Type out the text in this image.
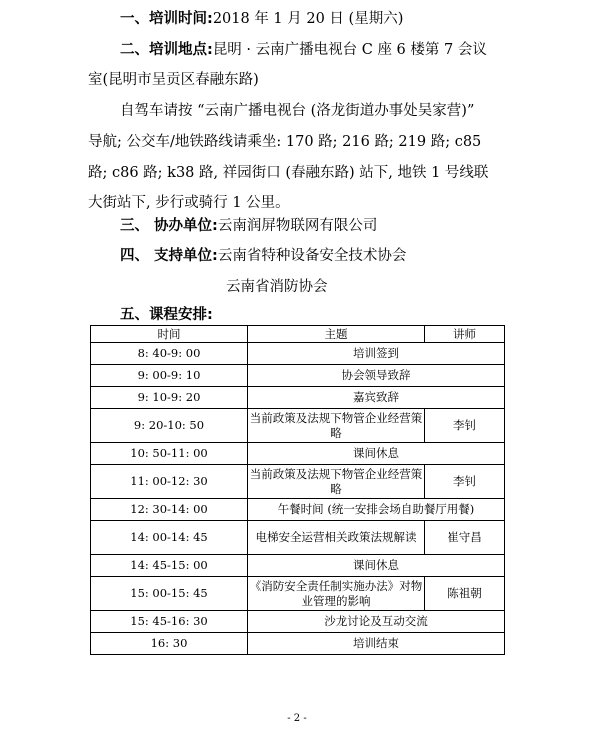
一、培训时间:2018 年 1 月 20 日 (星期六)
二、培训地点:昆明 · 云南广播电视台 C 座 6 楼第 7 会议
室(昆明市呈贡区春融东路)
自驾车请按 “云南广播电视台 (洛龙街道办事处吴家营)”
导航; 公交车/地铁路线请乘坐: 170 路; 216 路; 219 路; c85
路; c86 路; k38 路, 祥园街口 (春融东路) 站下, 地铁 1 号线联
大街站下, 步行或骑行 1 公里。
三、 协办单位:云南润屏物联网有限公司
四、 支持单位:云南省特种设备安全技术协会
云南省消防协会
五、课程安排:
时间	主题	讲师
8: 40-9: 00	培训签到	
9: 00-9: 10	协会领导致辞	
9: 10-9: 20	嘉宾致辞	
9: 20-10: 50	当前政策及法规下物管企业经营策略	李钊
10: 50-11: 00	课间休息	
11: 00-12: 30	当前政策及法规下物管企业经营策略	李钊
12: 30-14: 00	午餐时间 (统一安排会场自助餐厅用餐)	
14: 00-14: 45	电梯安全运营相关政策法规解读	崔守昌
14: 45-15: 00	课间休息	
15: 00-15: 45	《消防安全责任制实施办法》对物业管理的影响	陈祖朝
15: 45-16: 30	沙龙讨论及互动交流	
16: 30	培训结束	
- 2 -
